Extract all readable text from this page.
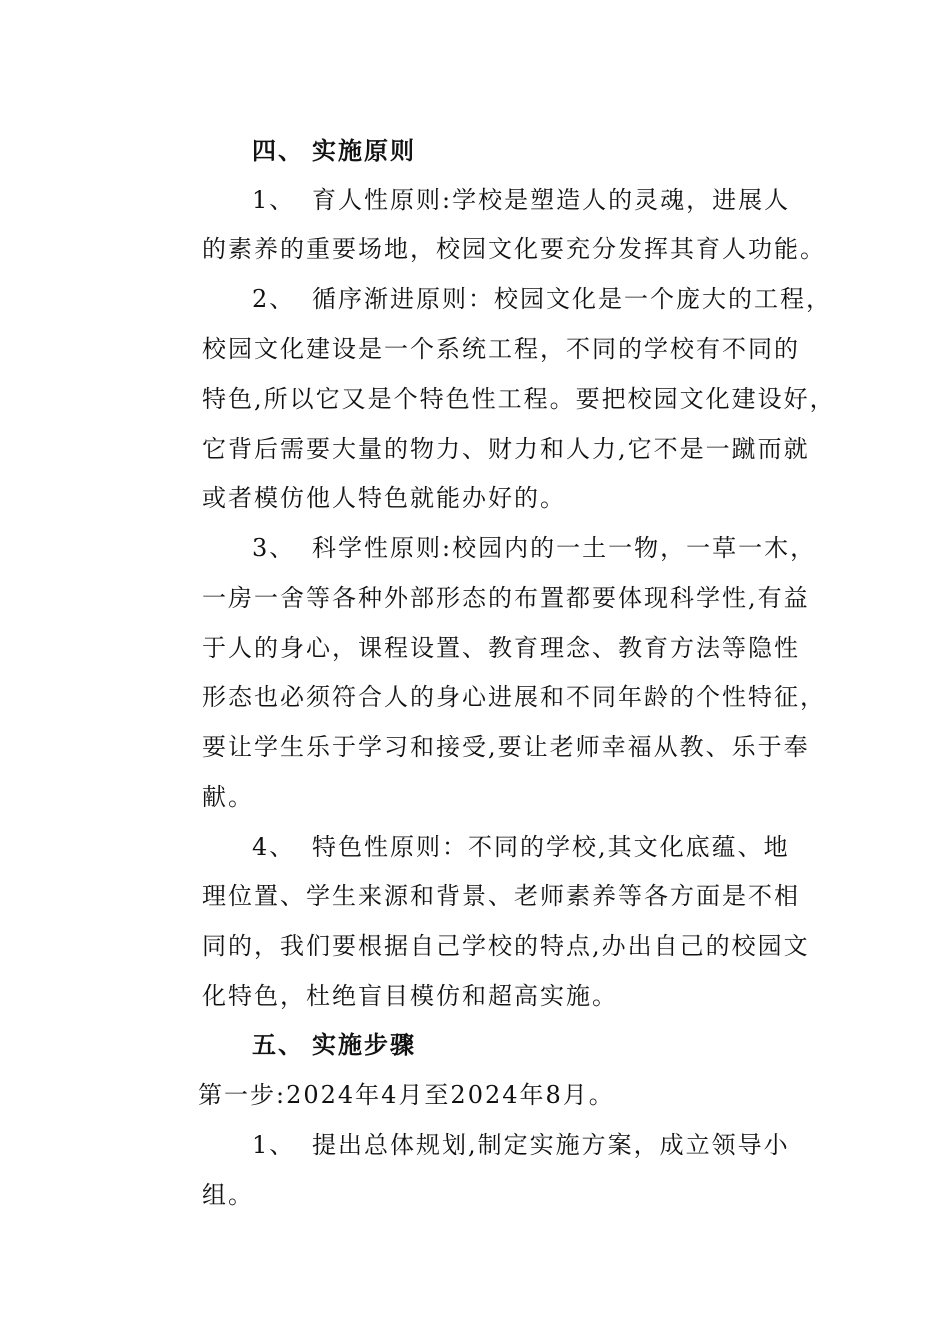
四、 实施原则
1、 育人性原则:学校是塑造人的灵魂，进展人
的素养的重要场地，校园文化要充分发挥其育人功能。
2、 循序渐进原则：校园文化是一个庞大的工程，
校园文化建设是一个系统工程，不同的学校有不同的
特色,所以它又是个特色性工程。要把校园文化建设好，
它背后需要大量的物力、财力和人力,它不是一蹴而就
或者模仿他人特色就能办好的。
3、 科学性原则:校园内的一土一物，一草一木，
一房一舍等各种外部形态的布置都要体现科学性,有益
于人的身心，课程设置、教育理念、教育方法等隐性
形态也必须符合人的身心进展和不同年龄的个性特征，
要让学生乐于学习和接受,要让老师幸福从教、乐于奉
献。
4、 特色性原则：不同的学校,其文化底蕴、地
理位置、学生来源和背景、老师素养等各方面是不相
同的，我们要根据自己学校的特点,办出自己的校园文
化特色，杜绝盲目模仿和超高实施。
五、 实施步骤
第一步:2024年4月至2024年8月。
1、 提出总体规划,制定实施方案，成立领导小
组。
